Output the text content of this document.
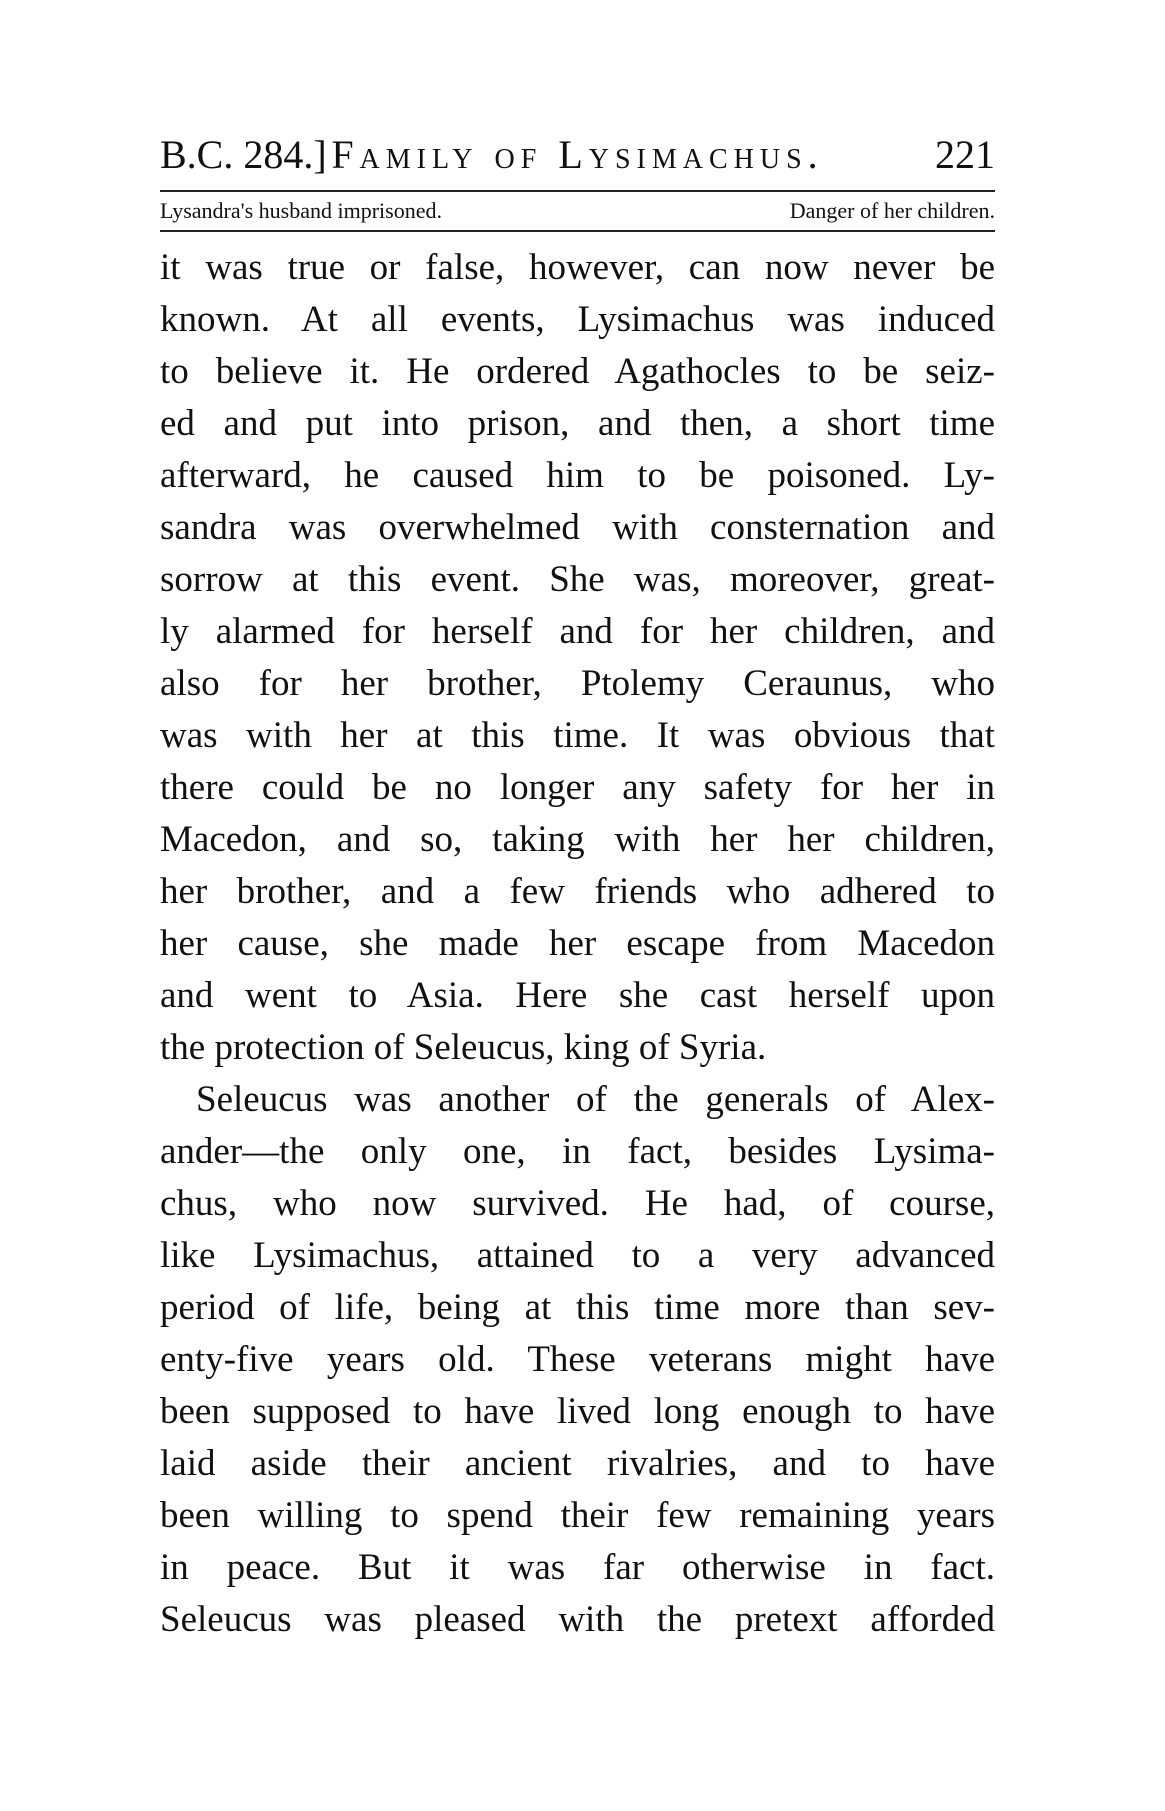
B.C. 284.] Family of Lysimachus.	221
Lysandra's husband imprisoned.	Danger of her children.
it was true or false, however, can now never be
known. At all events, Lysimachus was induced
to believe it. He ordered Agathocles to be seiz-
ed and put into prison, and then, a short time
afterward, he caused him to be poisoned. Ly-
sandra was overwhelmed with consternation and
sorrow at this event. She was, moreover, great-
ly alarmed for herself and for her children, and
also for her brother, Ptolemy Ceraunus, who
was with her at this time. It was obvious that
there could be no longer any safety for her in
Macedon, and so, taking with her her children,
her brother, and a few friends who adhered to
her cause, she made her escape from Macedon
and went to Asia. Here she cast herself upon
the protection of Seleucus, king of Syria.
Seleucus was another of the generals of Alex-
ander—the only one, in fact, besides Lysima-
chus, who now survived. He had, of course,
like Lysimachus, attained to a very advanced
period of life, being at this time more than sev-
enty-five years old. These veterans might have
been supposed to have lived long enough to have
laid aside their ancient rivalries, and to have
been willing to spend their few remaining years
in peace. But it was far otherwise in fact.
Seleucus was pleased with the pretext afforded
